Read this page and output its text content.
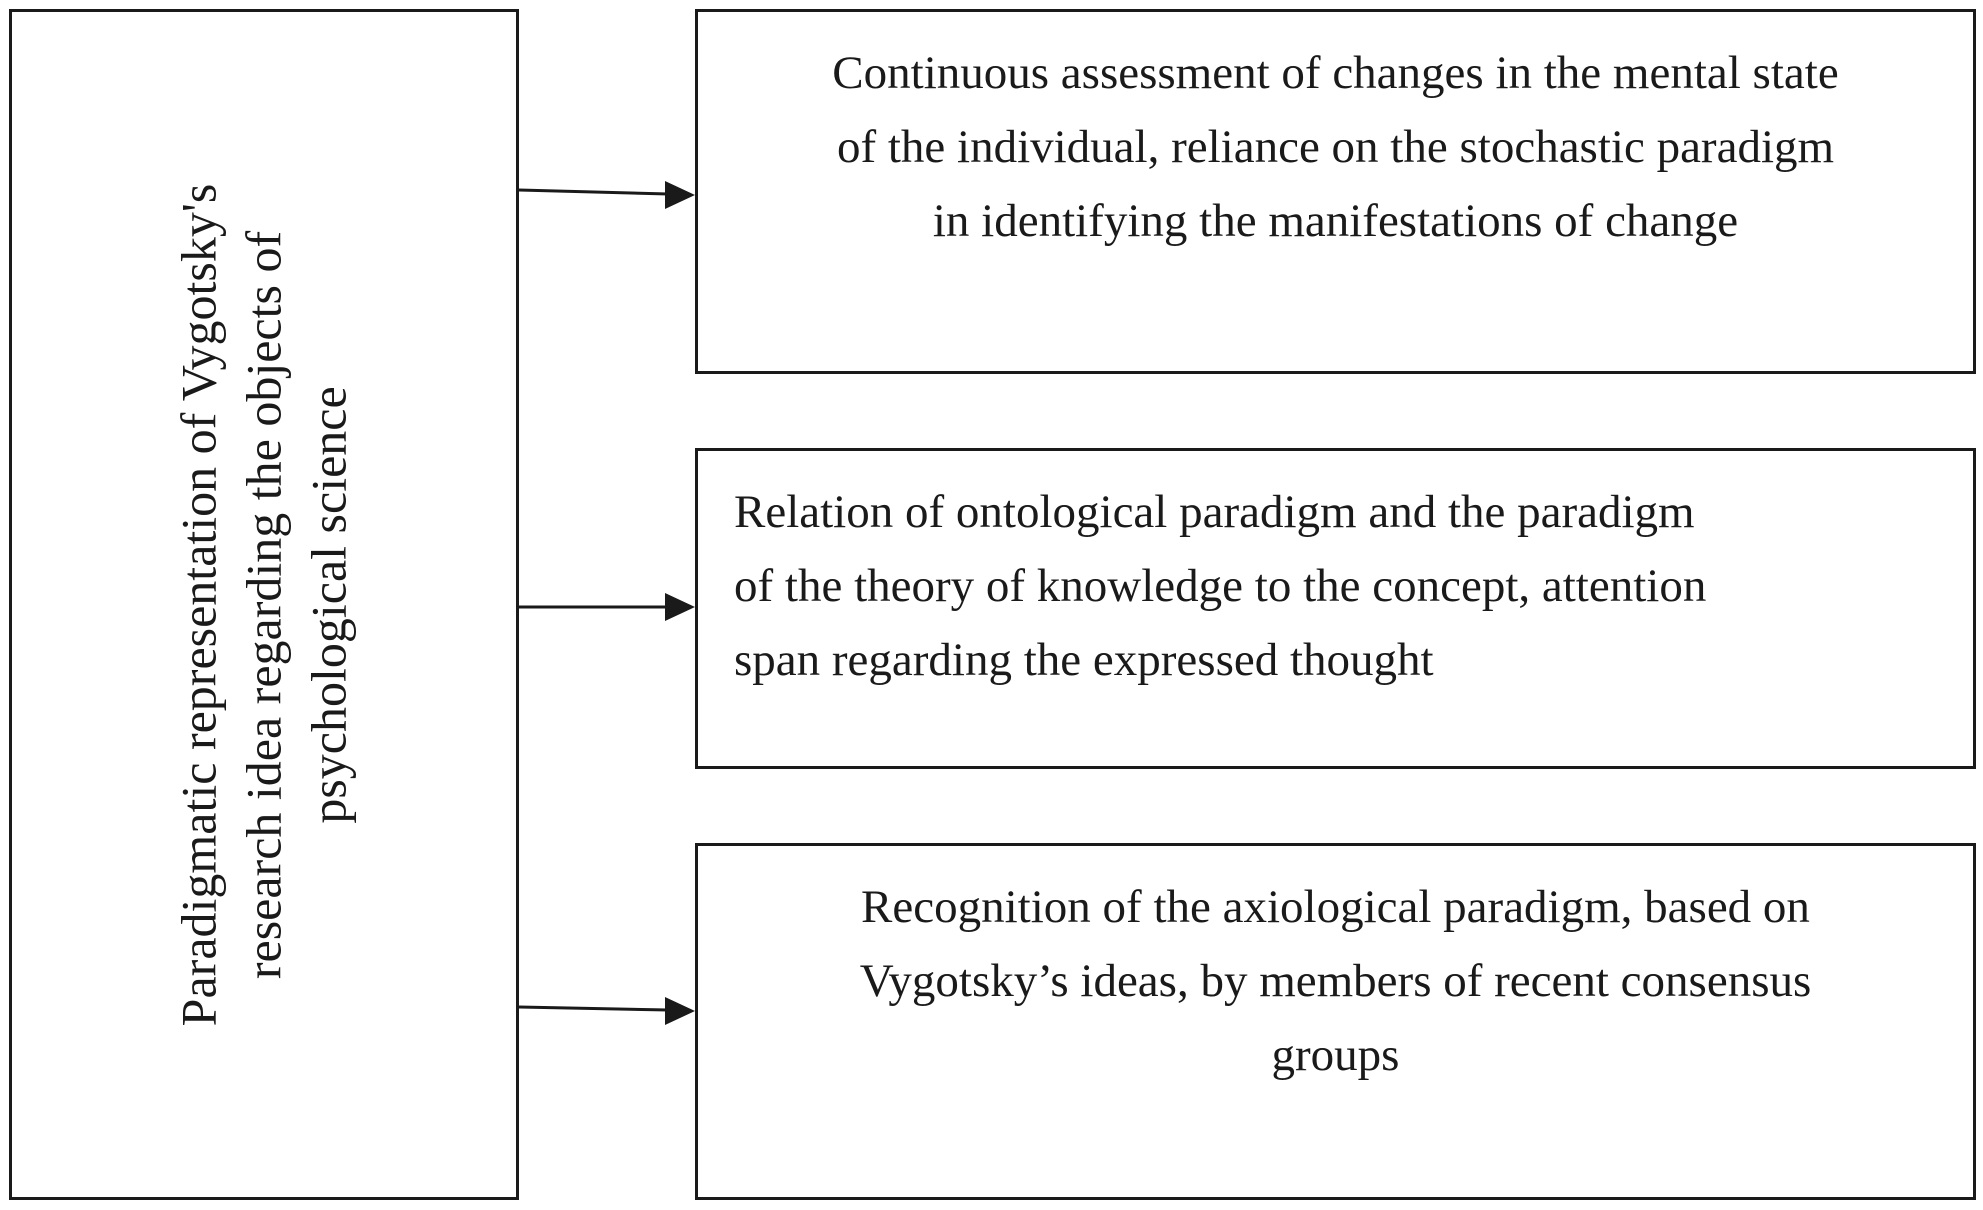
Paradigmatic representation of Vygotsky's research idea regarding the objects of psychological science
Continuous assessment of changes in the mental state
of the individual, reliance on the stochastic paradigm
in identifying the manifestations of change
Relation of ontological paradigm and the paradigm
of the theory of knowledge to the concept, attention
span regarding the expressed thought
Recognition of the axiological paradigm, based on
Vygotsky’s ideas, by members of recent consensus
groups
